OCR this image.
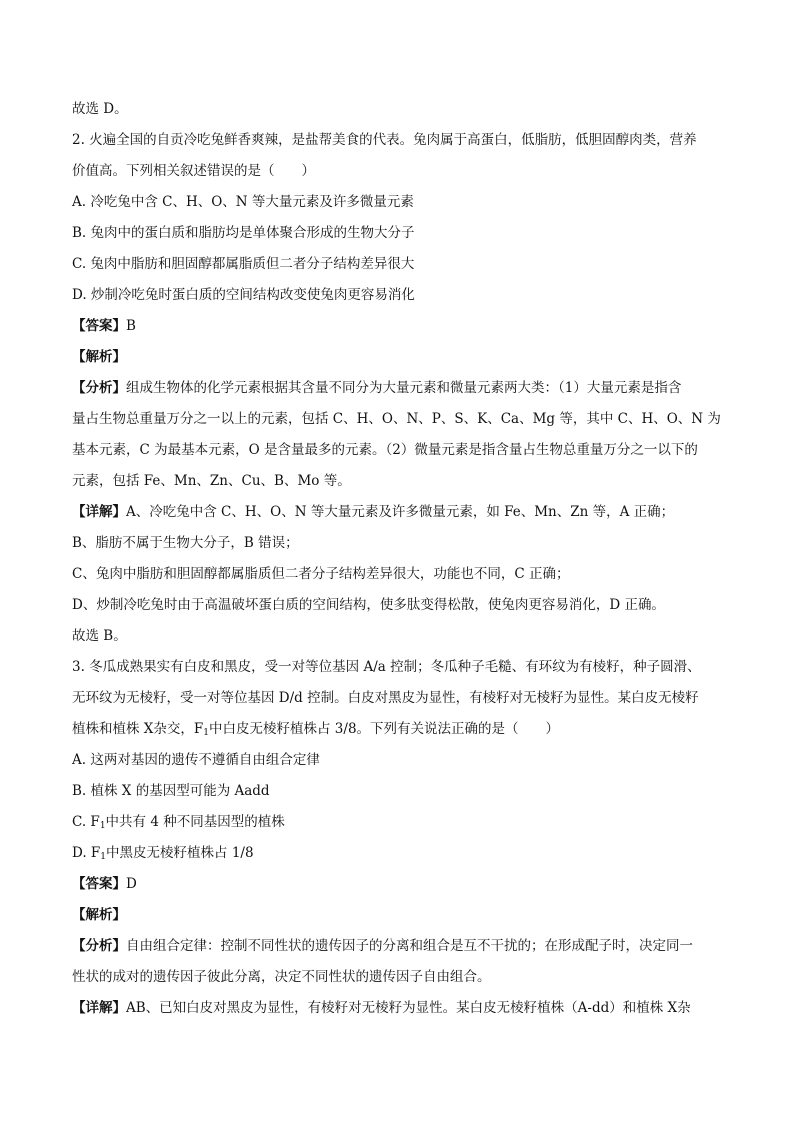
故选 D。
2. 火遍全国的自贡冷吃兔鲜香爽辣，是盐帮美食的代表。兔肉属于高蛋白，低脂肪，低胆固醇肉类，营养
价值高。下列相关叙述错误的是（　　）
A. 冷吃兔中含 C、H、O、N 等大量元素及许多微量元素
B. 兔肉中的蛋白质和脂肪均是单体聚合形成的生物大分子
C. 兔肉中脂肪和胆固醇都属脂质但二者分子结构差异很大
D. 炒制冷吃兔时蛋白质的空间结构改变使兔肉更容易消化
【答案】B
【解析】
【分析】组成生物体的化学元素根据其含量不同分为大量元素和微量元素两大类：（1）大量元素是指含
量占生物总重量万分之一以上的元素，包括 C、H、O、N、P、S、K、Ca、Mg 等，其中 C、H、O、N 为
基本元素，C 为最基本元素，O 是含量最多的元素。（2）微量元素是指含量占生物总重量万分之一以下的
元素，包括 Fe、Mn、Zn、Cu、B、Mo 等。
【详解】A、冷吃兔中含 C、H、O、N 等大量元素及许多微量元素，如 Fe、Mn、Zn 等，A 正确；
B、脂肪不属于生物大分子，B 错误；
C、兔肉中脂肪和胆固醇都属脂质但二者分子结构差异很大，功能也不同，C 正确；
D、炒制冷吃兔时由于高温破坏蛋白质的空间结构，使多肽变得松散，使兔肉更容易消化，D 正确。
故选 B。
3. 冬瓜成熟果实有白皮和黑皮，受一对等位基因 A/a 控制；冬瓜种子毛糙、有环纹为有棱籽，种子圆滑、
无环纹为无棱籽，受一对等位基因 D/d 控制。白皮对黑皮为显性，有棱籽对无棱籽为显性。某白皮无棱籽
植株和植株 X杂交，$F_1$中白皮无棱籽植株占 3/8。下列有关说法正确的是（　　）
A. 这两对基因的遗传不遵循自由组合定律
B. 植株 X 的基因型可能为 Aadd
C. $F_1$中共有 4 种不同基因型的植株
D. $F_1$中黑皮无棱籽植株占 1/8
【答案】D
【解析】
【分析】自由组合定律：控制不同性状的遗传因子的分离和组合是互不干扰的；在形成配子时，决定同一
性状的成对的遗传因子彼此分离，决定不同性状的遗传因子自由组合。
【详解】AB、已知白皮对黑皮为显性，有棱籽对无棱籽为显性。某白皮无棱籽植株（A-dd）和植株 X杂
